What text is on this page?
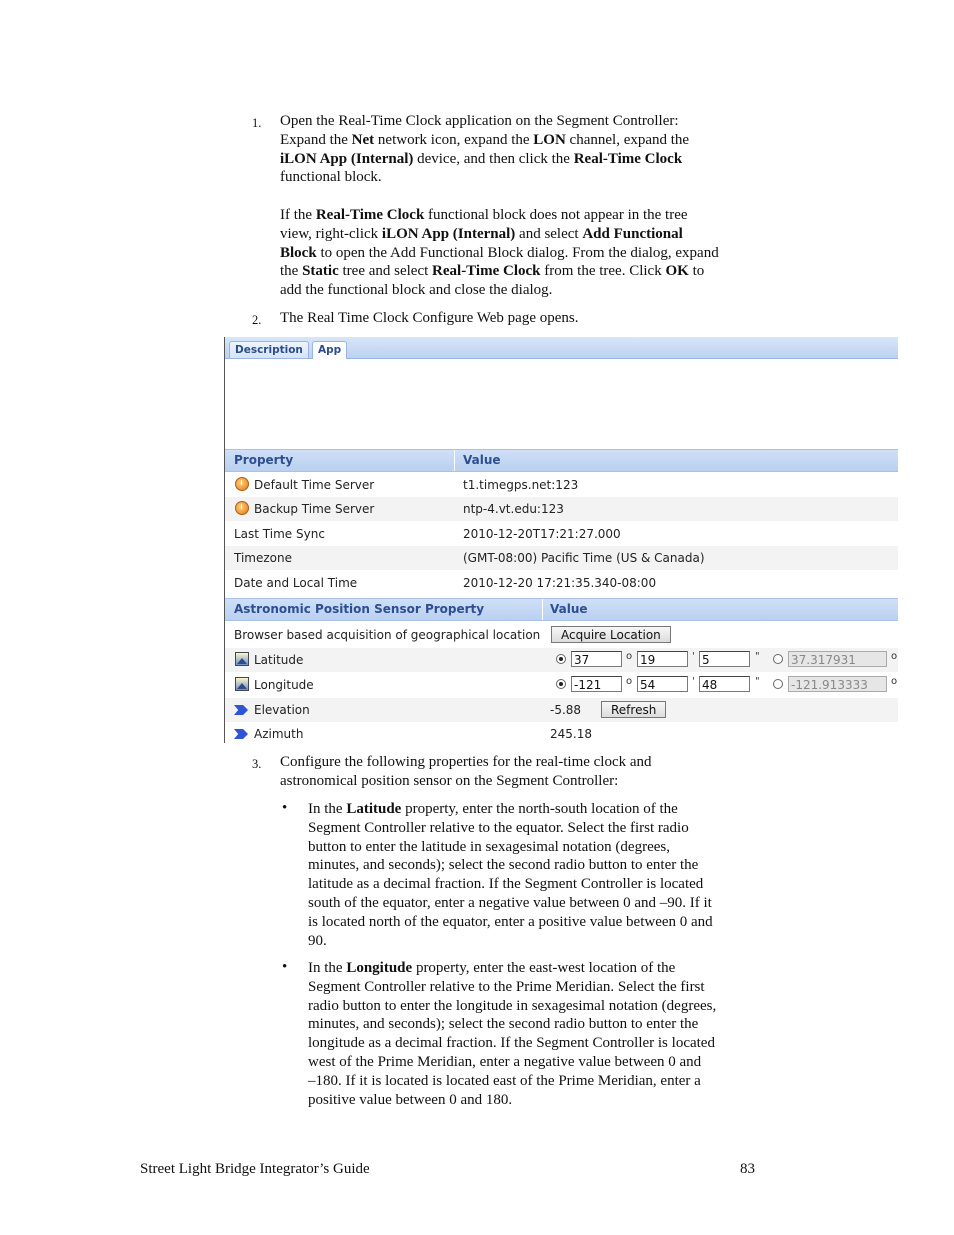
1. Open the Real-Time Clock application on the Segment Controller:
Expand the Net network icon, expand the LON channel, expand the
iLON App (Internal) device, and then click the Real-Time Clock
functional block.
If the Real-Time Clock functional block does not appear in the tree
view, right-click iLON App (Internal) and select Add Functional
Block to open the Add Functional Block dialog. From the dialog, expand
the Static tree and select Real-Time Clock from the tree. Click OK to
add the functional block and close the dialog.
2. The Real Time Clock Configure Web page opens.
Description	App
Property	Value
Default Time Server	t1.timegps.net:123
Backup Time Server	ntp-4.vt.edu:123
Last Time Sync	2010-12-20T17:21:27.000
Timezone	(GMT-08:00) Pacific Time (US & Canada)
Date and Local Time	2010-12-20 17:21:35.340-08:00
Astronomic Position Sensor Property	Value
Browser based acquisition of geographical location	Acquire Location
Latitude	37	o 19	' 5	"	37.317931	o
Longitude	-121	o 54	' 48	"	-121.913333	o
Elevation	-5.88	Refresh
Azimuth	245.18
3. Configure the following properties for the real-time clock and
astronomical position sensor on the Segment Controller:
• In the Latitude property, enter the north-south location of the
Segment Controller relative to the equator. Select the first radio
button to enter the latitude in sexagesimal notation (degrees,
minutes, and seconds); select the second radio button to enter the
latitude as a decimal fraction. If the Segment Controller is located
south of the equator, enter a negative value between 0 and –90. If it
is located north of the equator, enter a positive value between 0 and
90.
• In the Longitude property, enter the east-west location of the
Segment Controller relative to the Prime Meridian. Select the first
radio button to enter the longitude in sexagesimal notation (degrees,
minutes, and seconds); select the second radio button to enter the
longitude as a decimal fraction. If the Segment Controller is located
west of the Prime Meridian, enter a negative value between 0 and
–180. If it is located is located east of the Prime Meridian, enter a
positive value between 0 and 180.
Street Light Bridge Integrator’s Guide	83
